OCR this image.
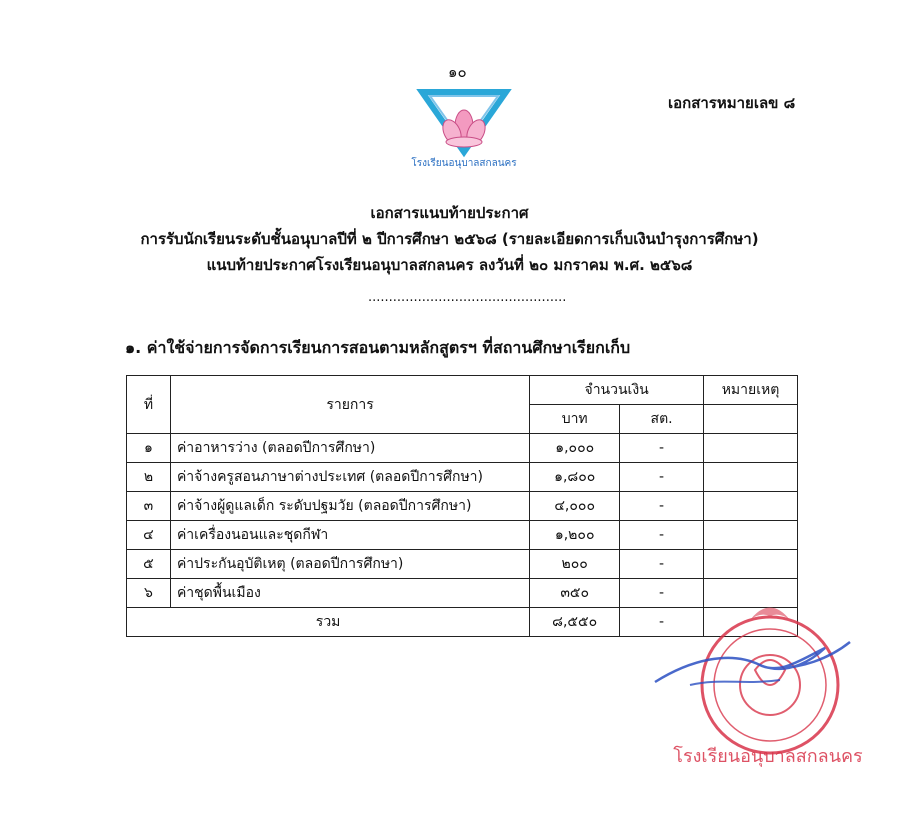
๑๐
เอกสารหมายเลข ๘
โรงเรียนอนุบาลสกลนคร
เอกสารแนบท้ายประกาศ
การรับนักเรียนระดับชั้นอนุบาลปีที่ ๒ ปีการศึกษา ๒๕๖๘ (รายละเอียดการเก็บเงินบำรุงการศึกษา)
แนบท้ายประกาศโรงเรียนอนุบาลสกลนคร ลงวันที่ ๒๐ มกราคม พ.ศ. ๒๕๖๘
................................................
๑. ค่าใช้จ่ายการจัดการเรียนการสอนตามหลักสูตรฯ ที่สถานศึกษาเรียกเก็บ
ที่	รายการ	จำนวนเงิน		หมายเหตุ
		บาท	สต.	
๑	ค่าอาหารว่าง (ตลอดปีการศึกษา)	๑,๐๐๐	-	
๒	ค่าจ้างครูสอนภาษาต่างประเทศ (ตลอดปีการศึกษา)	๑,๘๐๐	-	
๓	ค่าจ้างผู้ดูแลเด็ก ระดับปฐมวัย (ตลอดปีการศึกษา)	๔,๐๐๐	-	
๔	ค่าเครื่องนอนและชุดกีฬา	๑,๒๐๐	-	
๕	ค่าประกันอุบัติเหตุ (ตลอดปีการศึกษา)	๒๐๐	-	
๖	ค่าชุดพื้นเมือง	๓๕๐	-	
รวม		๘,๕๕๐	-	
โรงเรียนอนุบาลสกลนคร
